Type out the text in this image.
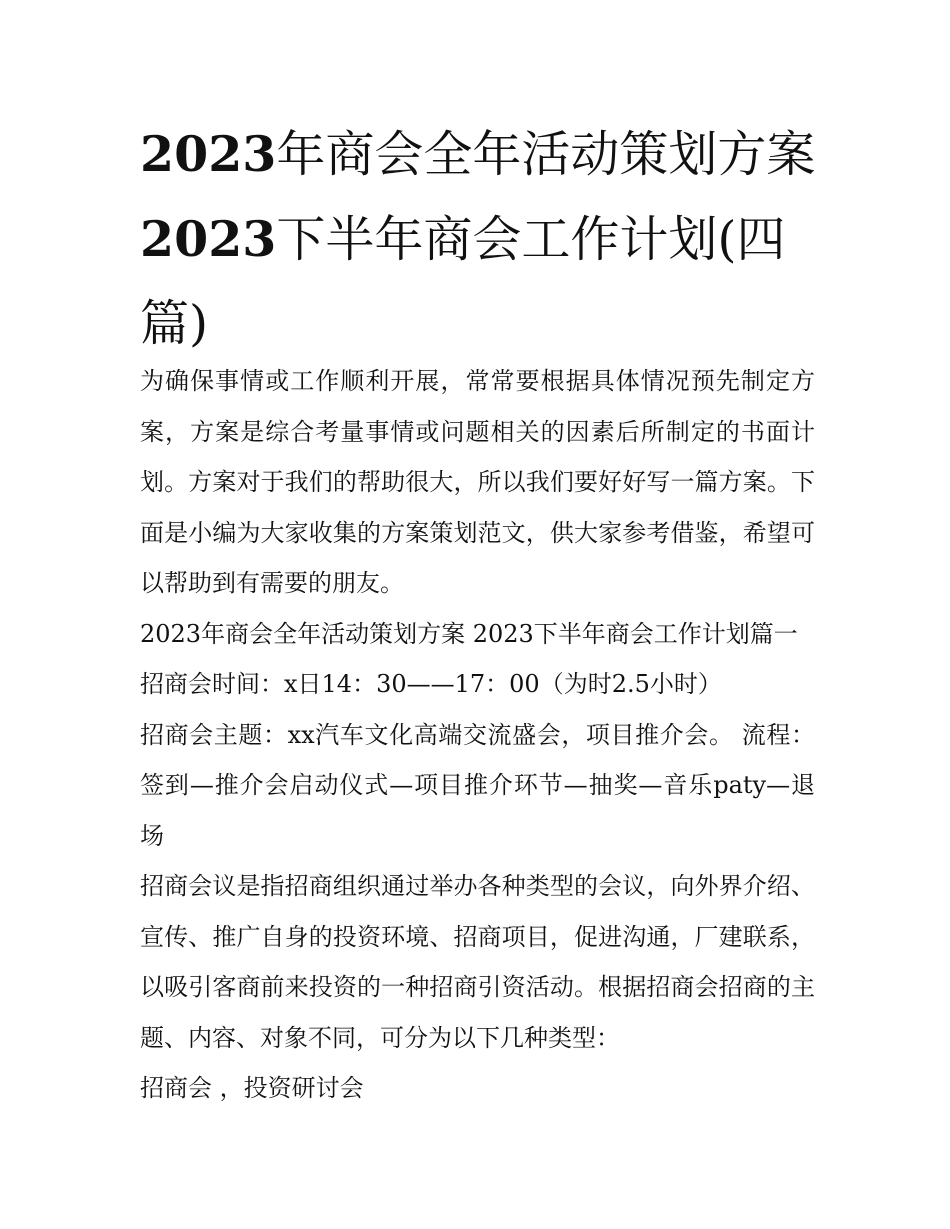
2023年商会全年活动策划方案
2023下半年商会工作计划(四篇)

为确保事情或工作顺利开展，常常要根据具体情况预先制定方案，方案是综合考量事情或问题相关的因素后所制定的书面计划。方案对于我们的帮助很大，所以我们要好好写一篇方案。下面是小编为大家收集的方案策划范文，供大家参考借鉴，希望可以帮助到有需要的朋友。

2023年商会全年活动策划方案 2023下半年商会工作计划篇一

招商会时间：x日14：30——17：00（为时2.5小时）

招商会主题：xx汽车文化高端交流盛会，项目推介会。 流程：签到—推介会启动仪式—项目推介环节—抽奖—音乐paty—退场

招商会议是指招商组织通过举办各种类型的会议，向外界介绍、宣传、推广自身的投资环境、招商项目，促进沟通，厂建联系，以吸引客商前来投资的一种招商引资活动。根据招商会招商的主题、内容、对象不同，可分为以下几种类型：

招商会 ，投资研讨会
